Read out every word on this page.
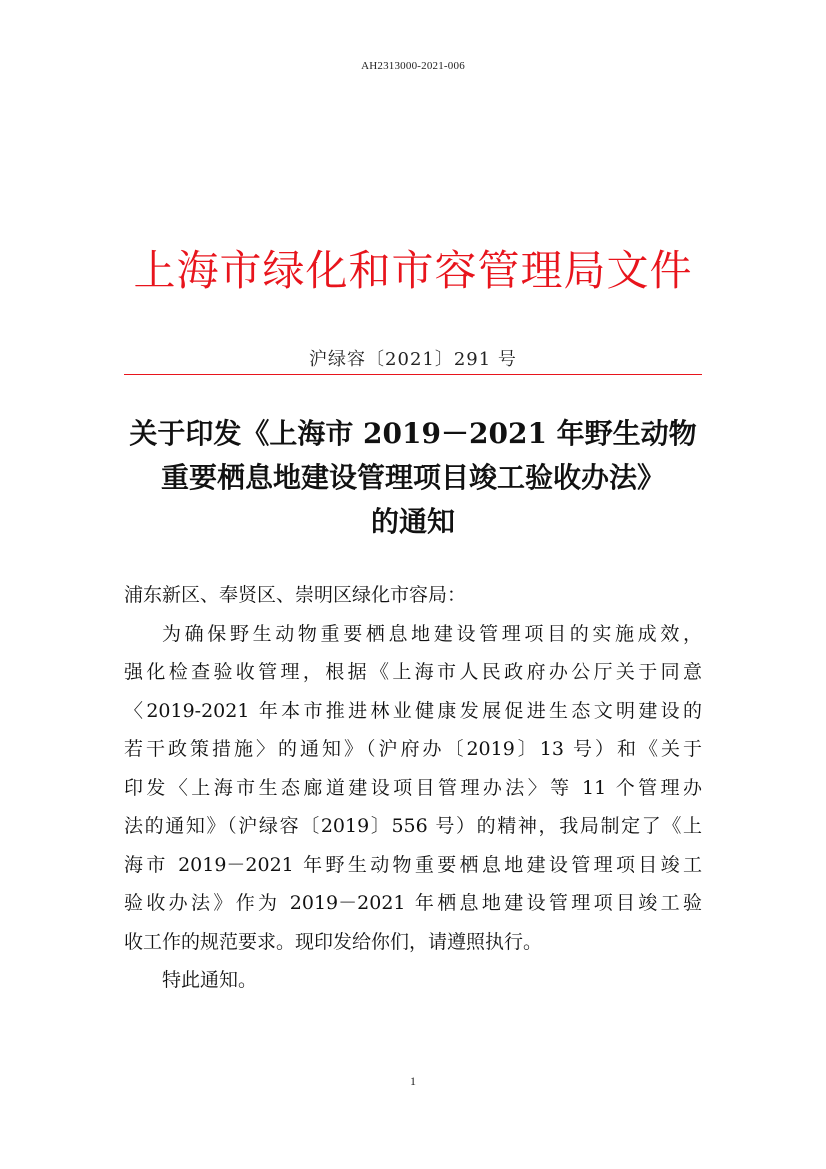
AH2313000-2021-006
上海市绿化和市容管理局文件
沪绿容〔2021〕291 号
关于印发《上海市 2019－2021 年野生动物
重要栖息地建设管理项目竣工验收办法》
的通知
浦东新区、奉贤区、崇明区绿化市容局：
为确保野生动物重要栖息地建设管理项目的实施成效，
强化检查验收管理，根据《上海市人民政府办公厅关于同意
〈2019-2021 年本市推进林业健康发展促进生态文明建设的
若干政策措施〉的通知》（沪府办〔2019〕13 号）和《关于
印发〈上海市生态廊道建设项目管理办法〉等 11 个管理办
法的通知》（沪绿容〔2019〕556 号）的精神，我局制定了《上
海市 2019－2021 年野生动物重要栖息地建设管理项目竣工
验收办法》作为 2019－2021 年栖息地建设管理项目竣工验
收工作的规范要求。现印发给你们，请遵照执行。
特此通知。
1
